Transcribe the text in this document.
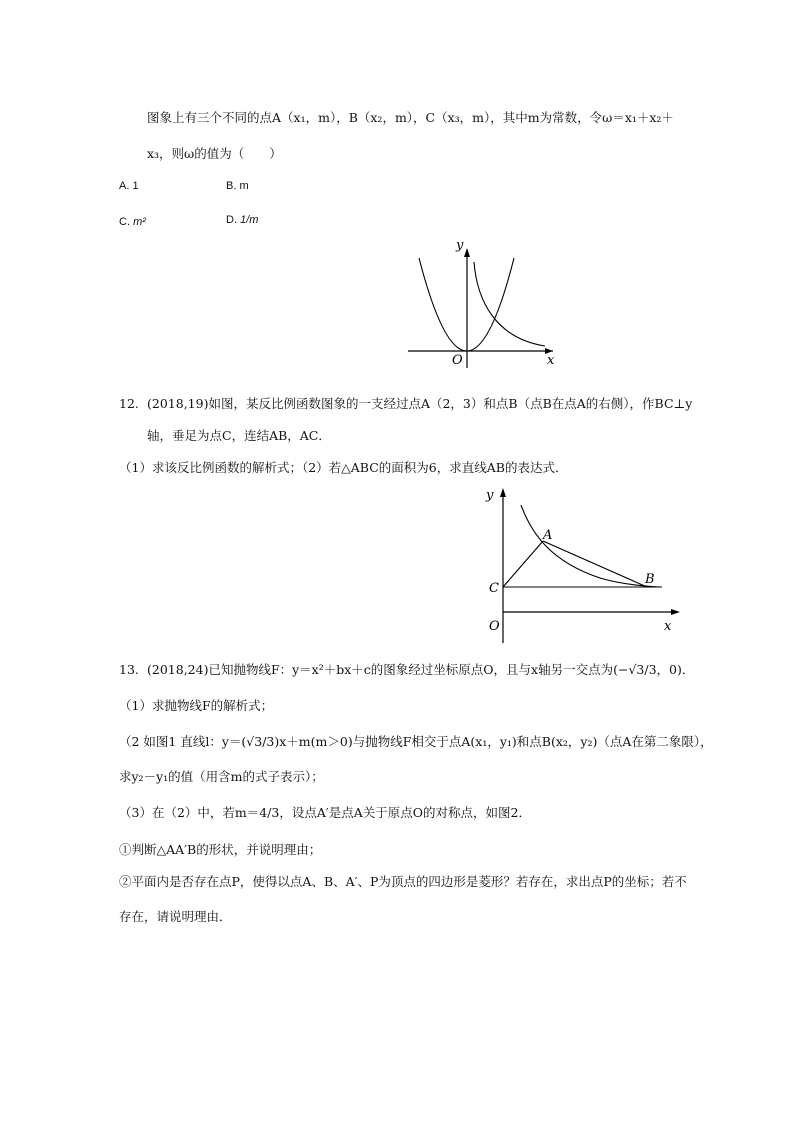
图象上有三个不同的点A（x₁，m），B（x₂，m），C（x₃，m），其中m为常数，令ω＝x₁＋x₂＋
x₃，则ω的值为（　　）
A. 1	B. m
C. m²	D. 1/m
y
x
O
12. (2018,19)如图，某反比例函数图象的一支经过点A（2，3）和点B（点B在点A的右侧），作BC⊥y
轴，垂足为点C，连结AB，AC．
（1）求该反比例函数的解析式；（2）若△ABC的面积为6，求直线AB的表达式．
y
x
O
A
B
C
13. (2018,24)已知抛物线F：y＝x²＋bx＋c的图象经过坐标原点O，且与x轴另一交点为(−√3/3，0)．
（1）求抛物线F的解析式；
（2 如图1 直线l：y＝(√3/3)x＋m(m＞0)与抛物线F相交于点A(x₁，y₁)和点B(x₂，y₂)（点A在第二象限），
求y₂－y₁的值（用含m的式子表示）；
（3）在（2）中，若m＝4/3，设点A′是点A关于原点O的对称点，如图2．
①判断△AA′B的形状，并说明理由；
②平面内是否存在点P，使得以点A、B、A′、P为顶点的四边形是菱形？若存在，求出点P的坐标；若不
存在，请说明理由．
